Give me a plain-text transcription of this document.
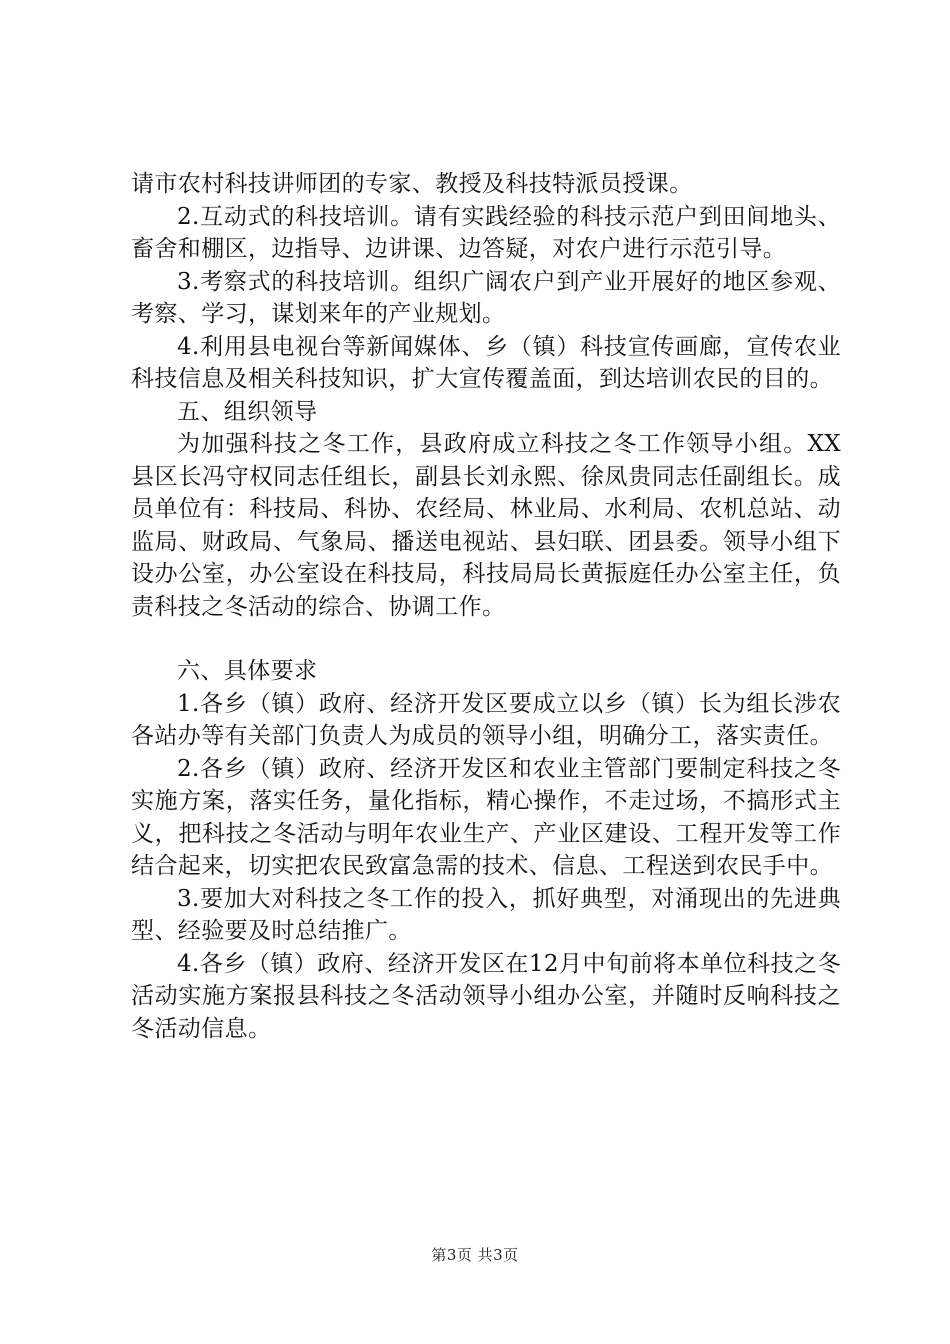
请市农村科技讲师团的专家、教授及科技特派员授课。

2.互动式的科技培训。请有实践经验的科技示范户到田间地头、畜舍和棚区，边指导、边讲课、边答疑，对农户进行示范引导。

3.考察式的科技培训。组织广阔农户到产业开展好的地区参观、考察、学习，谋划来年的产业规划。

4.利用县电视台等新闻媒体、乡（镇）科技宣传画廊，宣传农业科技信息及相关科技知识，扩大宣传覆盖面，到达培训农民的目的。

五、组织领导

为加强科技之冬工作，县政府成立科技之冬工作领导小组。XX县区长冯守权同志任组长，副县长刘永熙、徐凤贵同志任副组长。成员单位有：科技局、科协、农经局、林业局、水利局、农机总站、动监局、财政局、气象局、播送电视站、县妇联、团县委。领导小组下设办公室，办公室设在科技局，科技局局长黄振庭任办公室主任，负责科技之冬活动的综合、协调工作。

六、具体要求

1.各乡（镇）政府、经济开发区要成立以乡（镇）长为组长涉农各站办等有关部门负责人为成员的领导小组，明确分工，落实责任。

2.各乡（镇）政府、经济开发区和农业主管部门要制定科技之冬实施方案，落实任务，量化指标，精心操作，不走过场，不搞形式主义，把科技之冬活动与明年农业生产、产业区建设、工程开发等工作结合起来，切实把农民致富急需的技术、信息、工程送到农民手中。

3.要加大对科技之冬工作的投入，抓好典型，对涌现出的先进典型、经验要及时总结推广。

4.各乡（镇）政府、经济开发区在12月中旬前将本单位科技之冬活动实施方案报县科技之冬活动领导小组办公室，并随时反响科技之冬活动信息。

第3页 共3页
